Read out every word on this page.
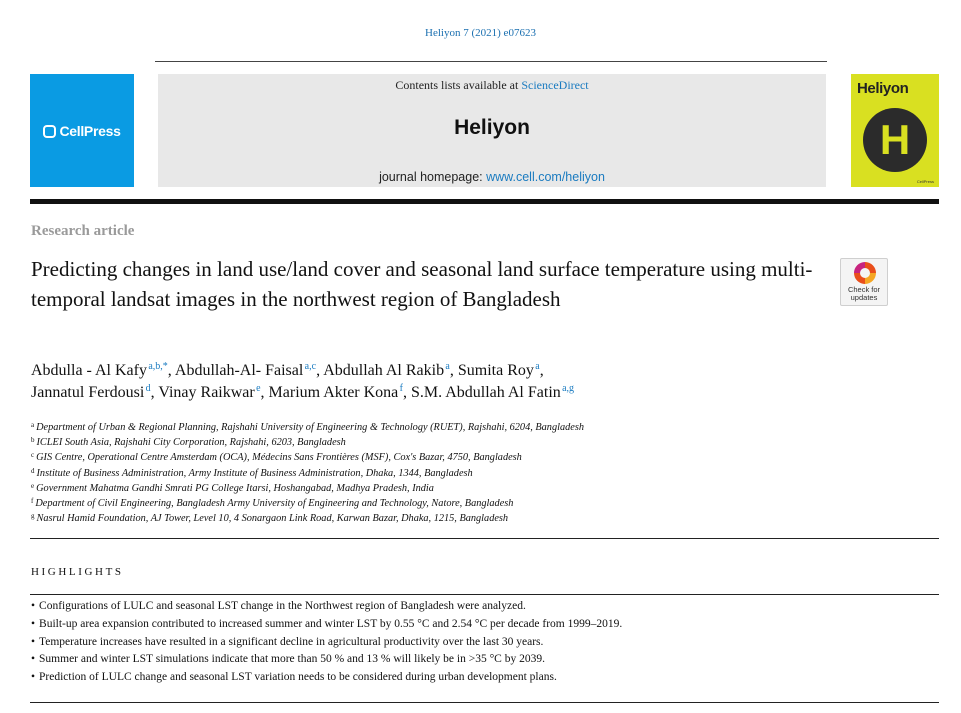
Heliyon 7 (2021) e07623
CellPress
Contents lists available at ScienceDirect
Heliyon
journal homepage: www.cell.com/heliyon
Heliyon
H
CellPress
Research article
Predicting changes in land use/land cover and seasonal land surface temperature using multi-temporal landsat images in the northwest region of Bangladesh	Check for
updates
Abdulla - Al Kafy $^{a,b,*}$, Abdullah-Al- Faisal $^{a,c}$, Abdullah Al Rakib $^a$, Sumita Roy $^a$,
Jannatul Ferdousi $^d$, Vinay Raikwar $^e$, Marium Akter Kona $^f$, S.M. Abdullah Al Fatin $^{a,g}$
$^a$ Department of Urban & Regional Planning, Rajshahi University of Engineering & Technology (RUET), Rajshahi, 6204, Bangladesh
$^b$ ICLEI South Asia, Rajshahi City Corporation, Rajshahi, 6203, Bangladesh
$^c$ GIS Centre, Operational Centre Amsterdam (OCA), Médecins Sans Frontières (MSF), Cox's Bazar, 4750, Bangladesh
$^d$ Institute of Business Administration, Army Institute of Business Administration, Dhaka, 1344, Bangladesh
$^e$ Government Mahatma Gandhi Smrati PG College Itarsi, Hoshangabad, Madhya Pradesh, India
$^f$ Department of Civil Engineering, Bangladesh Army University of Engineering and Technology, Natore, Bangladesh
$^g$ Nasrul Hamid Foundation, AJ Tower, Level 10, 4 Sonargaon Link Road, Karwan Bazar, Dhaka, 1215, Bangladesh
HIGHLIGHTS
• Configurations of LULC and seasonal LST change in the Northwest region of Bangladesh were analyzed.
• Built-up area expansion contributed to increased summer and winter LST by 0.55 °C and 2.54 °C per decade from 1999–2019.
• Temperature increases have resulted in a significant decline in agricultural productivity over the last 30 years.
• Summer and winter LST simulations indicate that more than 50 % and 13 % will likely be in >35 °C by 2039.
• Prediction of LULC change and seasonal LST variation needs to be considered during urban development plans.
